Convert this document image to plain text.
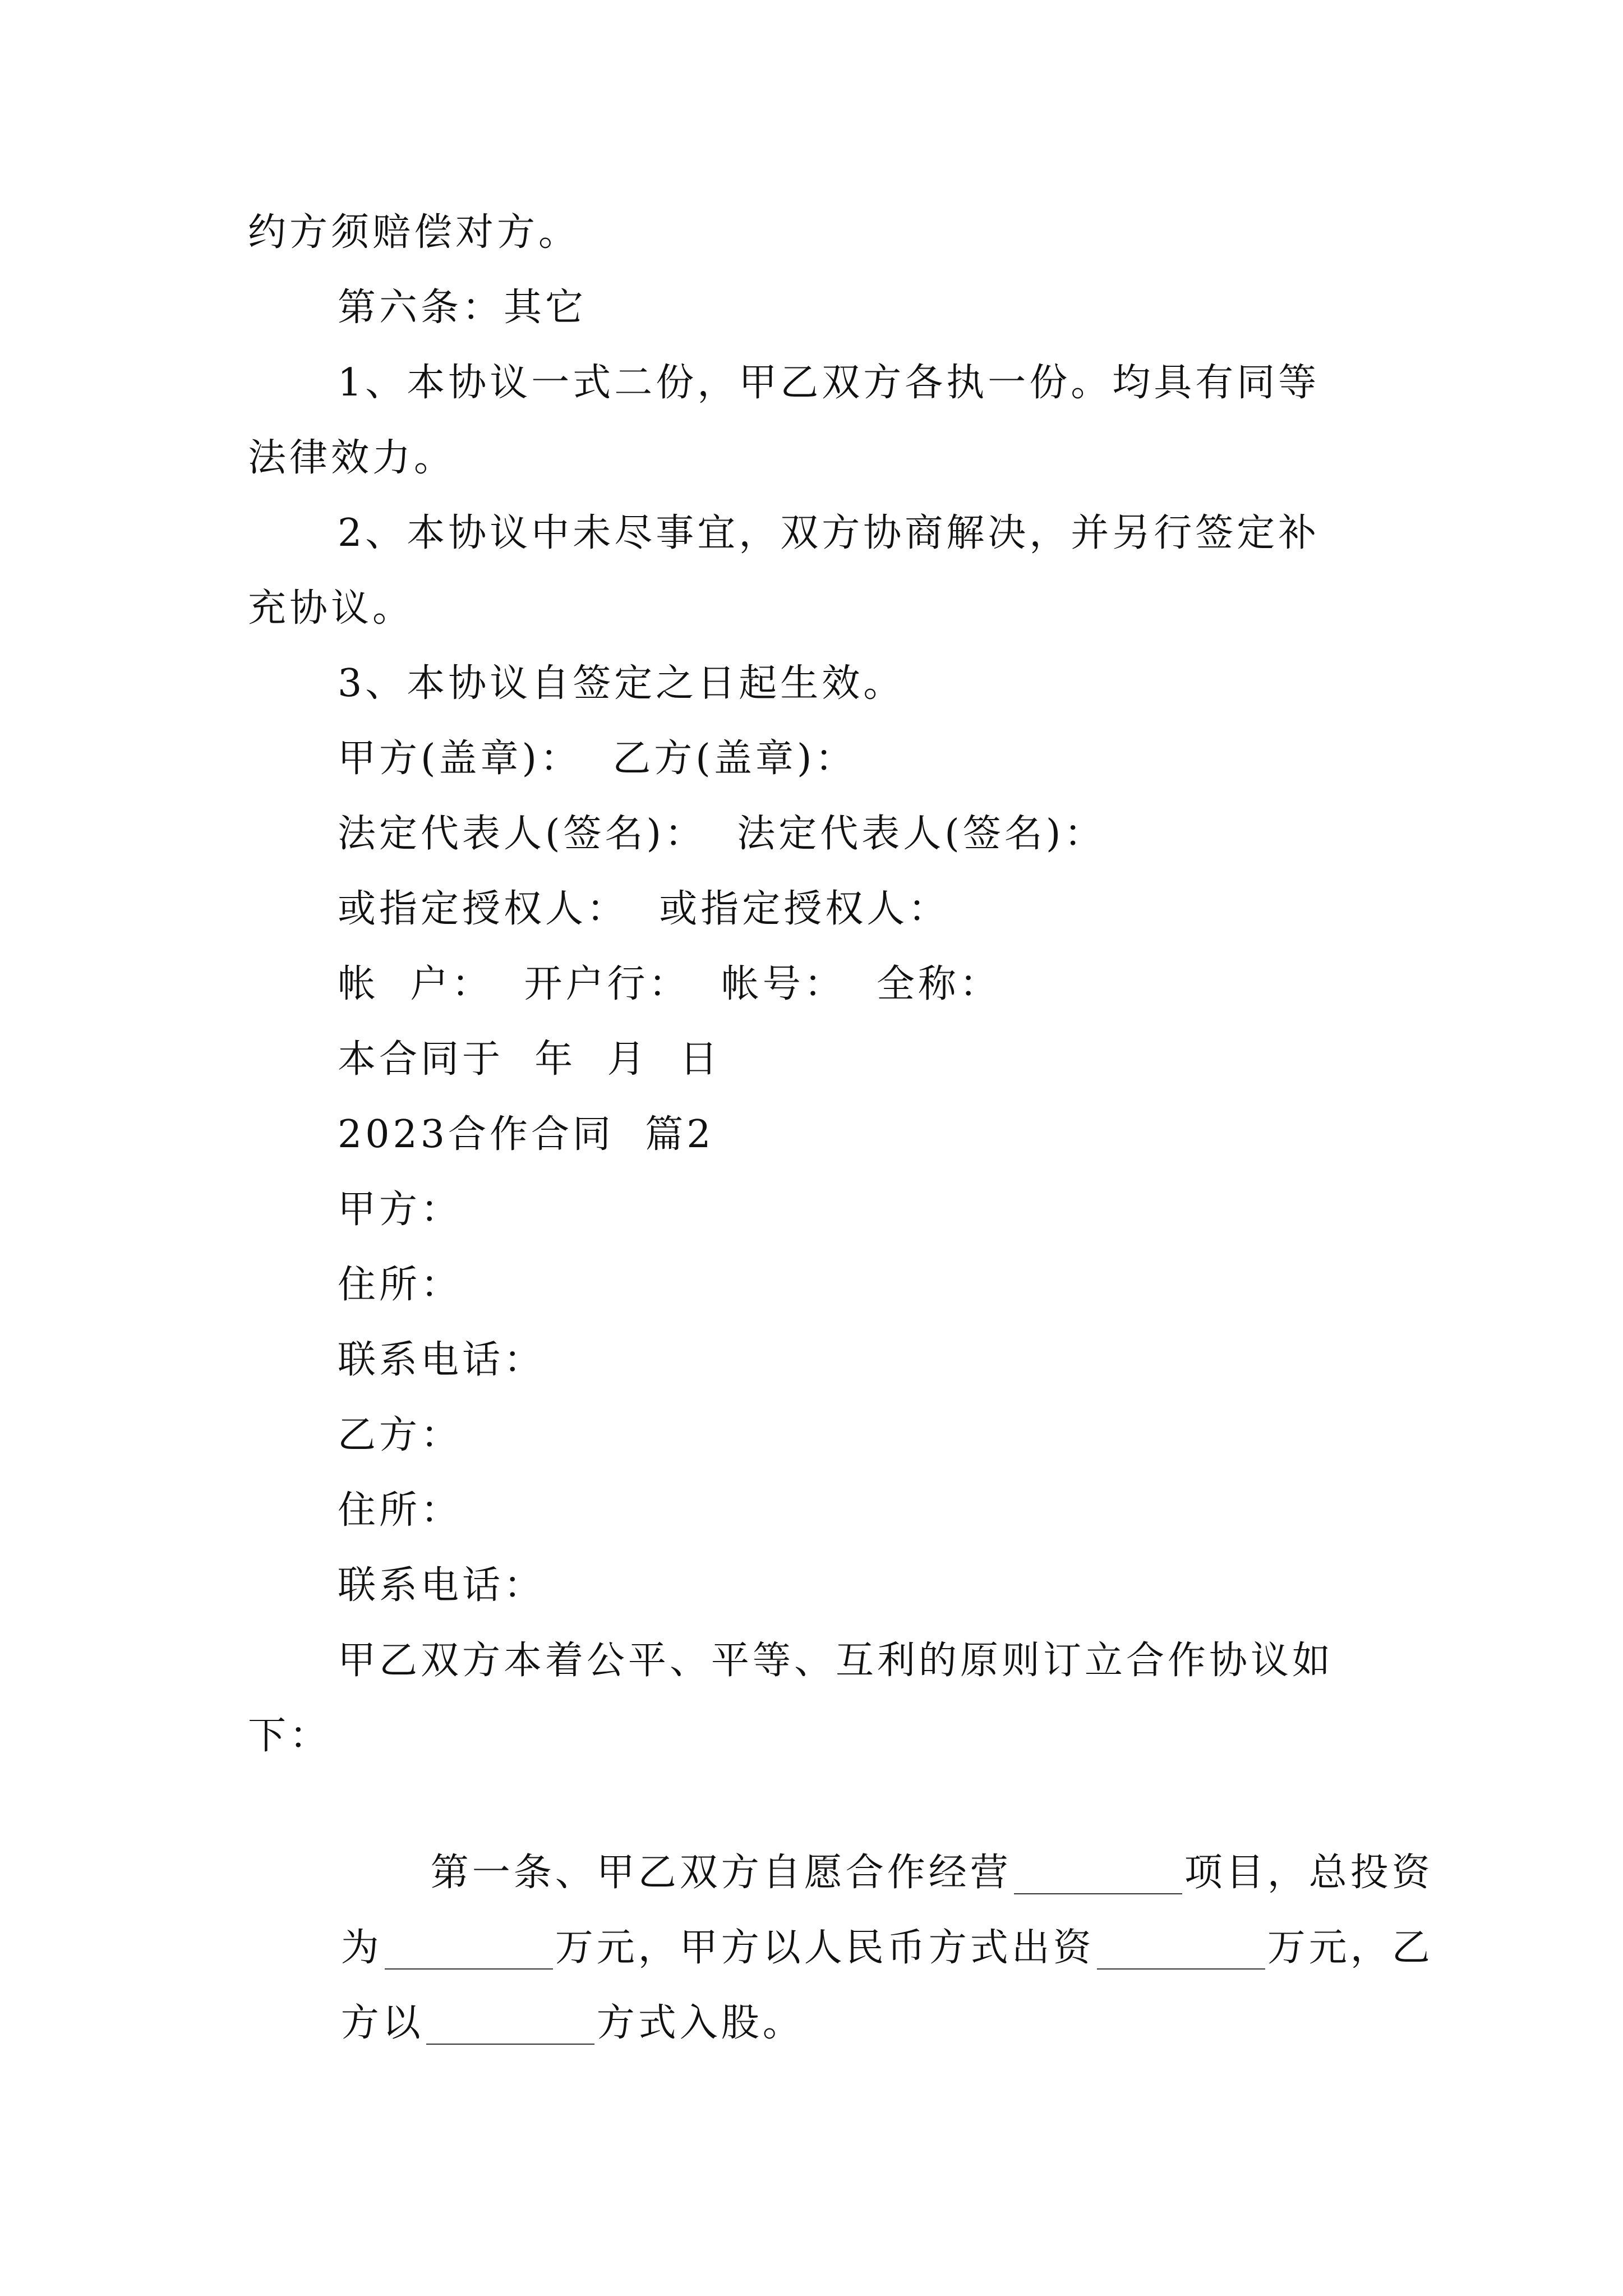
约方须赔偿对方。
第六条：其它
1、本协议一式二份，甲乙双方各执一份。均具有同等
法律效力。
2、本协议中未尽事宜，双方协商解决，并另行签定补
充协议。
3、本协议自签定之日起生效。
甲方(盖章)：  乙方(盖章)：
法定代表人(签名)：  法定代表人(签名)：
或指定授权人：  或指定授权人：
帐  户：  开户行：  帐号：  全称：
本合同于  年  月  日
2023合作合同  篇2
甲方：
住所：
联系电话：
乙方：
住所：
联系电话：
甲乙双方本着公平、平等、互利的原则订立合作协议如
下：

第一条、甲乙双方自愿合作经营	项目，总投资

为	万元，甲方以人民币方式出资	万元，乙

方以	方式入股。
